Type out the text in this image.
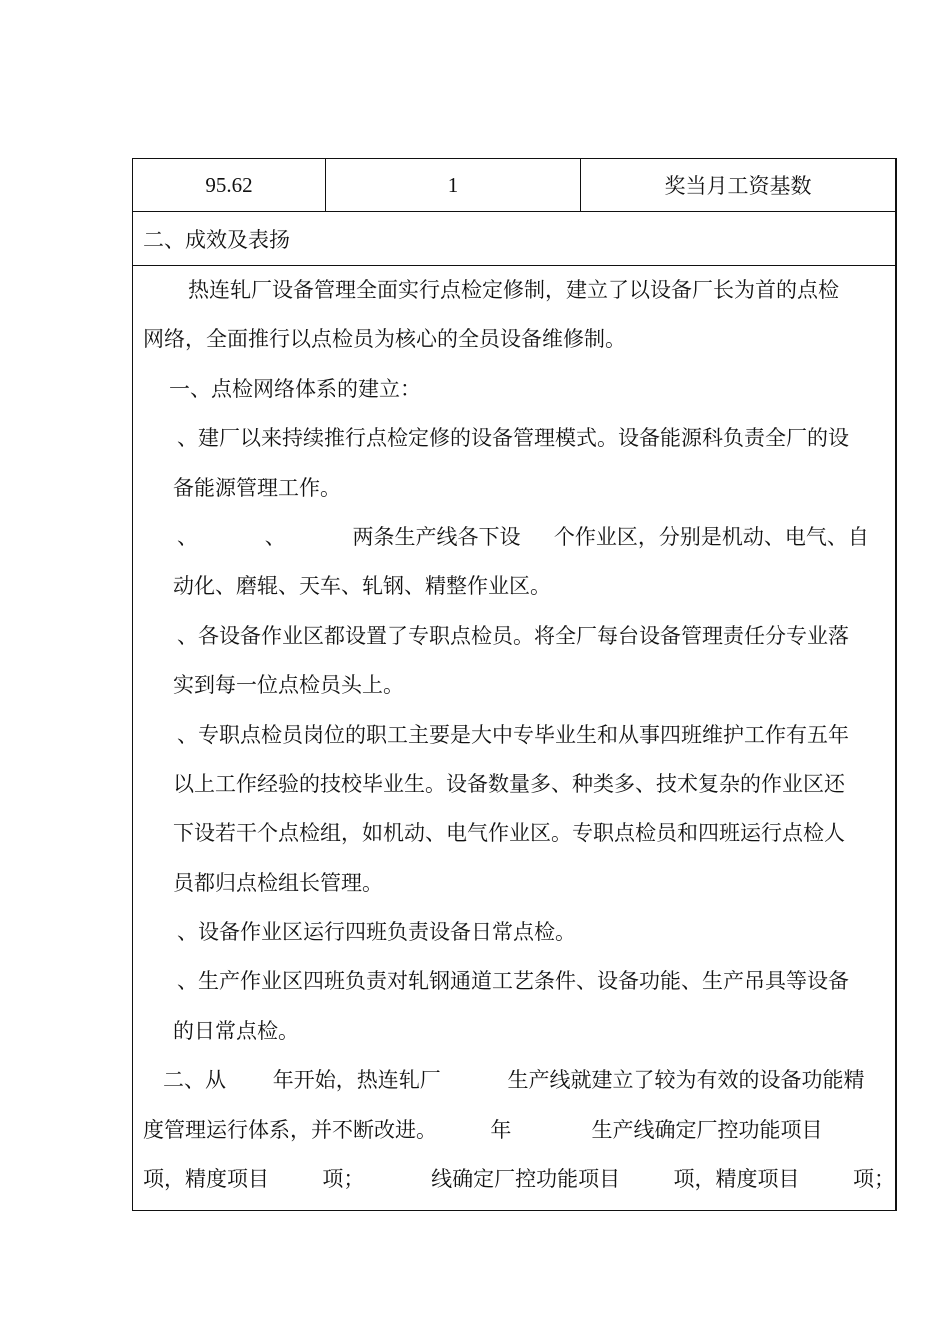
95.62	1	奖当月工资基数
二、成效及表扬
热连轧厂设备管理全面实行点检定修制，建立了以设备厂长为首的点检
网络，全面推行以点检员为核心的全员设备维修制。
一、点检网络体系的建立：
、建厂以来持续推行点检定修的设备管理模式。设备能源科负责全厂的设
备能源管理工作。
、          、          两条生产线各下设     个作业区，分别是机动、电气、自
动化、磨辊、天车、轧钢、精整作业区。
、各设备作业区都设置了专职点检员。将全厂每台设备管理责任分专业落
实到每一位点检员头上。
、专职点检员岗位的职工主要是大中专毕业生和从事四班维护工作有五年
以上工作经验的技校毕业生。设备数量多、种类多、技术复杂的作业区还
下设若干个点检组，如机动、电气作业区。专职点检员和四班运行点检人
员都归点检组长管理。
、设备作业区运行四班负责设备日常点检。
、生产作业区四班负责对轧钢通道工艺条件、设备功能、生产吊具等设备
的日常点检。
二、从       年开始，热连轧厂          生产线就建立了较为有效的设备功能精
度管理运行体系，并不断改进。        年            生产线确定厂控功能项目
项，精度项目        项；          线确定厂控功能项目        项，精度项目        项；
